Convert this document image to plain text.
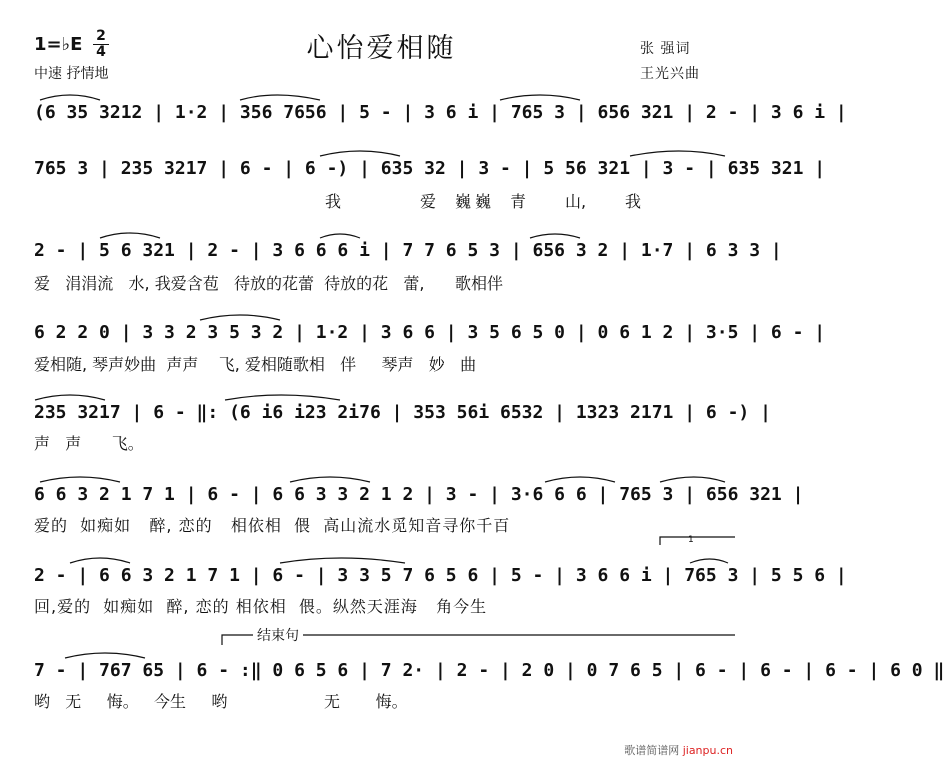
心怡爱相随
1=♭E 2
4
中速 抒情地
张 强词
王光兴曲
(6 35 3212 | 1·2 | 356 7656 | 5 - | 3 6 i | 765 3 | 656 321 | 2 - | 3 6 i |
765 3 | 235 3217 | 6 - | 6 -) | 635 32 | 3 - | 5 56 321 | 3 - | 635 321 |
2 - | 5 6 321 | 2 - | 3 6 6 6 i | 7 7 6 5 3 | 656 3 2 | 1·7 | 6 3 3 |
6 2 2 0 | 3 3 2 3 5 3 2 | 1·2 | 3 6 6 | 3 5 6 5 0 | 0 6 1 2 | 3·5 | 6 - |
235 3217 | 6 - ‖: (6 i6 i23 2i76 | 353 56i 6532 | 1323 2171 | 6 -) |
6 6 3 2 1 7 1 | 6 - | 6 6 3 3 2 1 2 | 3 - | 3·6 6 6 | 765 3 | 656 321 |
2 - | 6 6 3 2 1 7 1 | 6 - | 3 3 5 7 6 5 6 | 5 - | 3 6 6 i | 765 3 | 5 5 6 |
7 - | 767 65 | 6 - :‖ 0 6 5 6 | 7 2· | 2 - | 2 0 | 0 7 6 5 | 6 - | 6 - | 6 - | 6 0 ‖
我	爱 巍巍 青 山, 我
爱   涓涓流   水, 我爱含苞   待放的花蕾  待放的花   蕾,      歌相伴
爱相随, 琴声妙曲  声声    飞, 爱相随歌相   伴     琴声   妙   曲
声   声      飞。
爱的  如痴如   醉, 恋的   相依相  偎  高山流水觅知音寻你千百
回,爱的  如痴如  醉, 恋的 相依相  偎。纵然天涯海   角今生
哟   无     悔。   今生     哟                   无       悔。
1
结束句
歌谱简谱网 jianpu.cn
